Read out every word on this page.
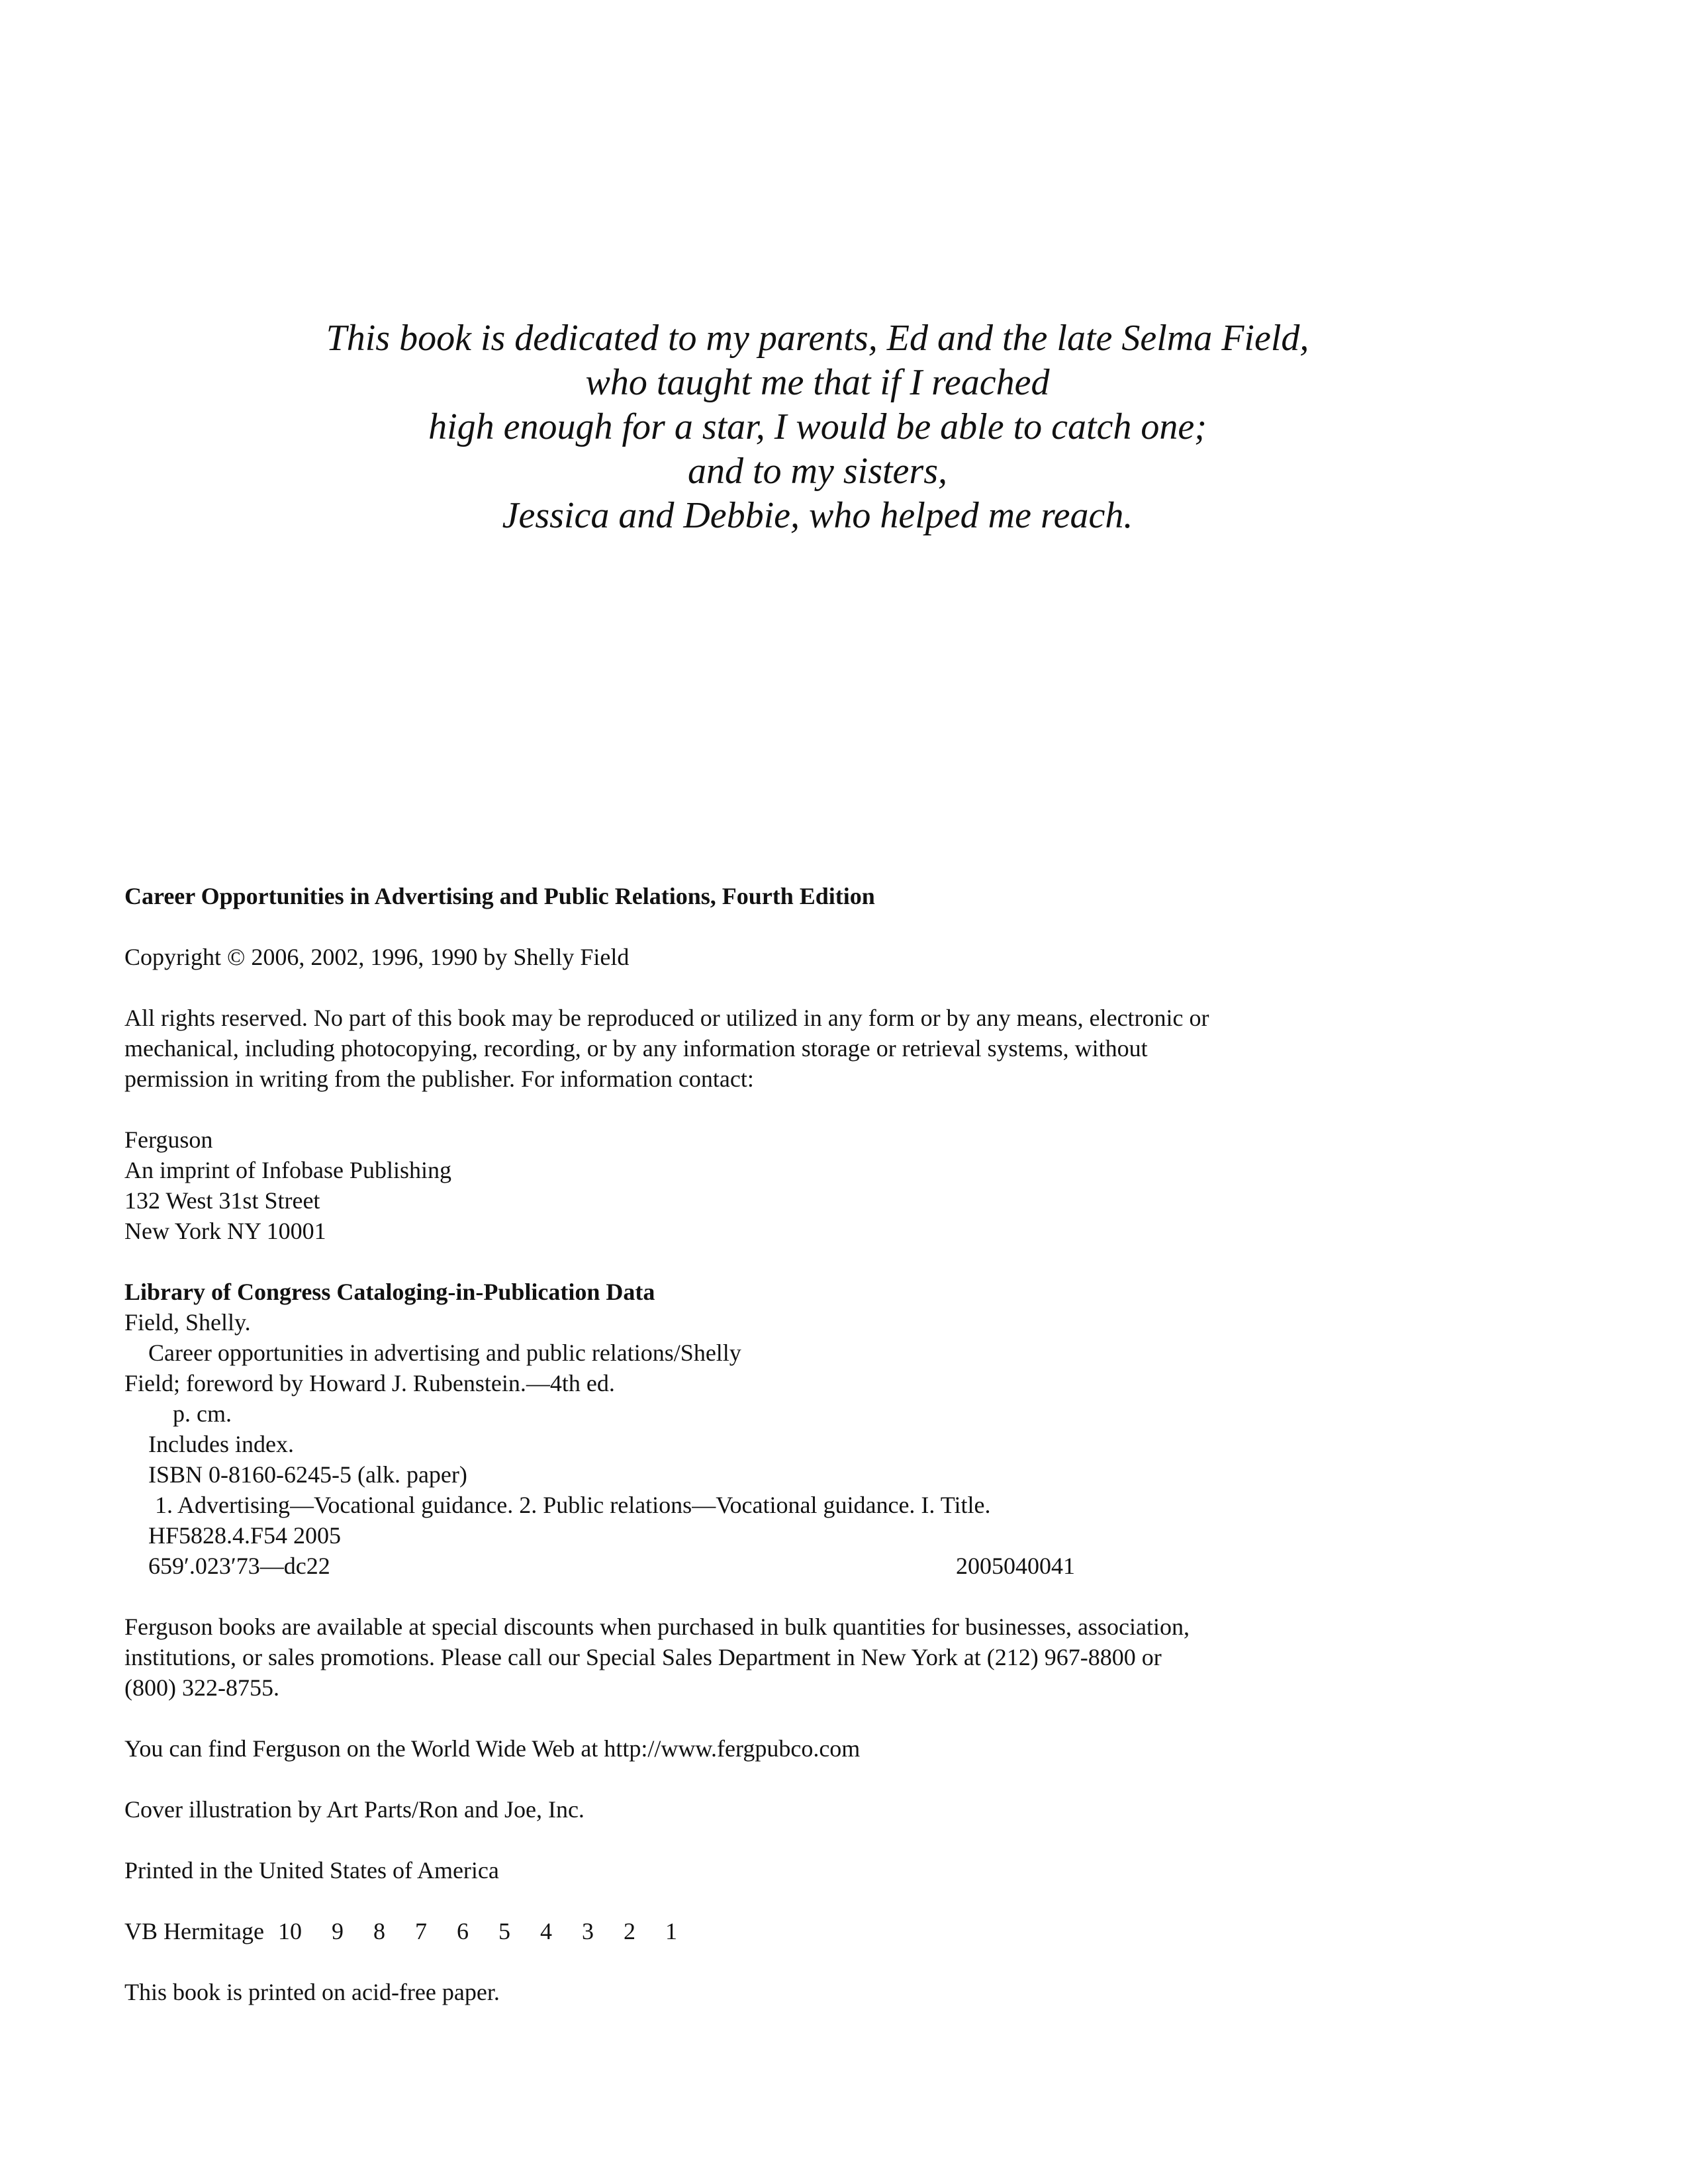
This book is dedicated to my parents, Ed and the late Selma Field,
who taught me that if I reached
high enough for a star, I would be able to catch one;
and to my sisters,
Jessica and Debbie, who helped me reach.
Career Opportunities in Advertising and Public Relations, Fourth Edition
Copyright © 2006, 2002, 1996, 1990 by Shelly Field
All rights reserved. No part of this book may be reproduced or utilized in any form or by any means, electronic or
mechanical, including photocopying, recording, or by any information storage or retrieval systems, without
permission in writing from the publisher. For information contact:
Ferguson
An imprint of Infobase Publishing
132 West 31st Street
New York NY 10001
Library of Congress Cataloging-in-Publication Data
Field, Shelly.
Career opportunities in advertising and public relations/Shelly
Field; foreword by Howard J. Rubenstein.—4th ed.
p. cm.
Includes index.
ISBN 0-8160-6245-5 (alk. paper)
1. Advertising—Vocational guidance. 2. Public relations—Vocational guidance. I. Title.
HF5828.4.F54 2005
659′.023′73—dc22	2005040041
Ferguson books are available at special discounts when purchased in bulk quantities for businesses, association,
institutions, or sales promotions. Please call our Special Sales Department in New York at (212) 967-8800 or
(800) 322-8755.
You can find Ferguson on the World Wide Web at http://www.fergpubco.com
Cover illustration by Art Parts/Ron and Joe, Inc.
Printed in the United States of America
VB Hermitage 10 9 8 7 6 5 4 3 2 1
This book is printed on acid-free paper.
